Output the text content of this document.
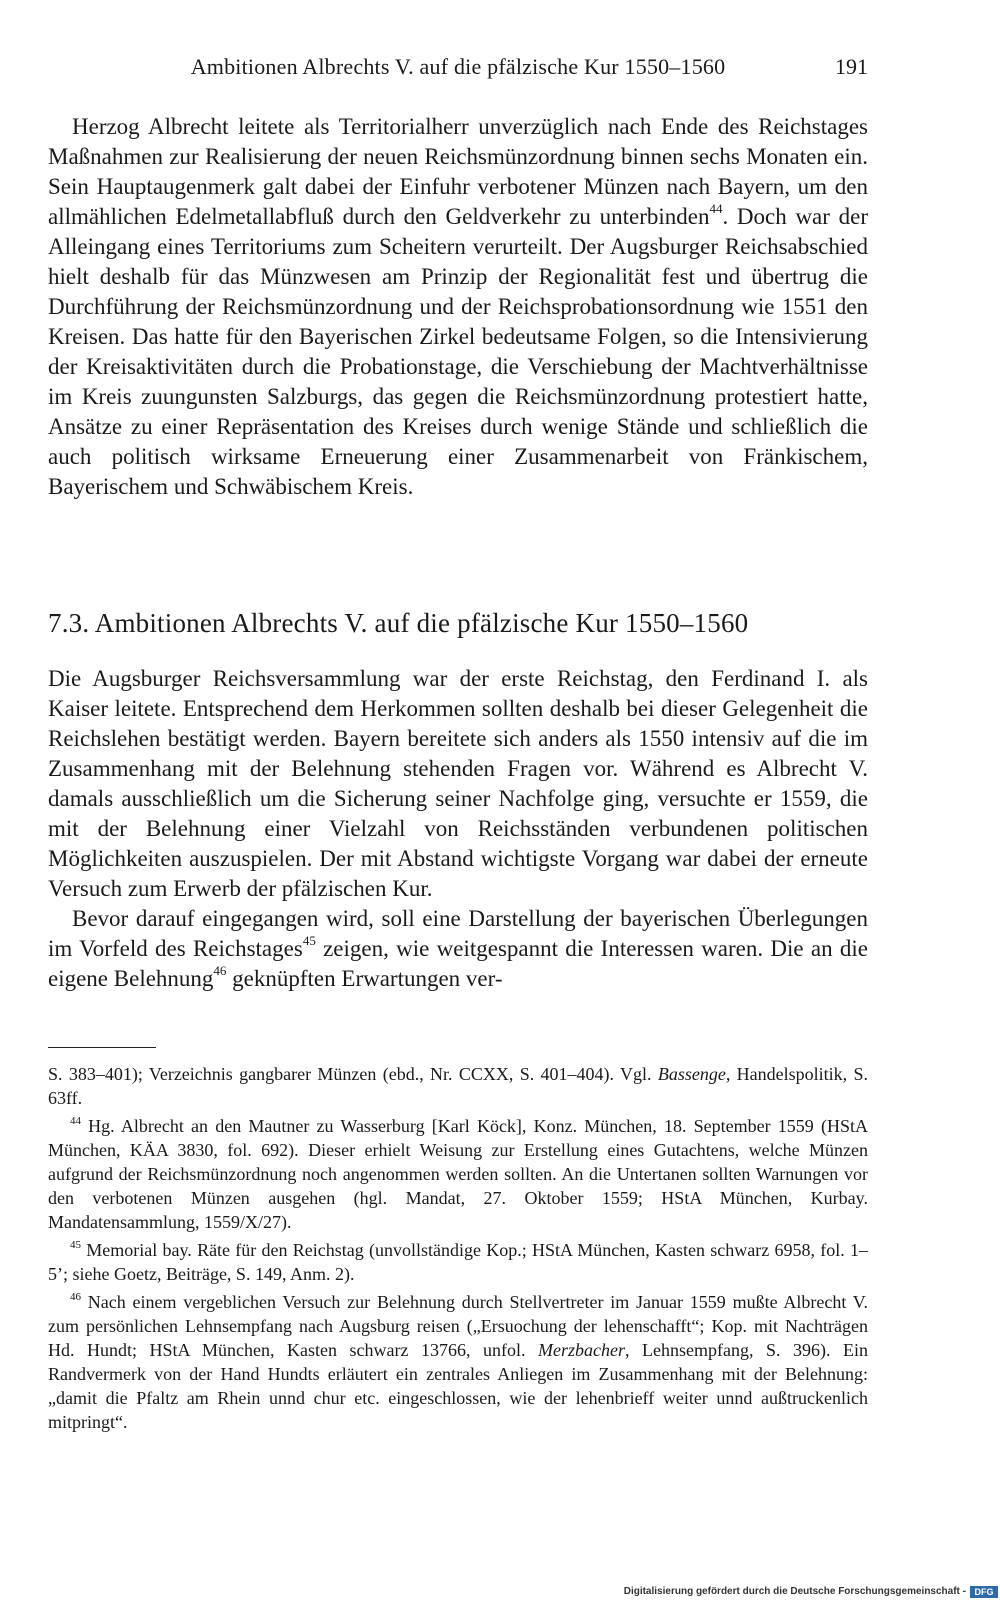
Ambitionen Albrechts V. auf die pfälzische Kur 1550–1560	191

Herzog Albrecht leitete als Territorialherr unverzüglich nach Ende des Reichstages Maßnahmen zur Realisierung der neuen Reichsmünzordnung binnen sechs Monaten ein. Sein Hauptaugenmerk galt dabei der Einfuhr verbotener Münzen nach Bayern, um den allmählichen Edelmetallabfluß durch den Geldverkehr zu unterbinden$^{44}$. Doch war der Alleingang eines Territoriums zum Scheitern verurteilt. Der Augsburger Reichsabschied hielt deshalb für das Münzwesen am Prinzip der Regionalität fest und übertrug die Durchführung der Reichsmünzordnung und der Reichsprobationsordnung wie 1551 den Kreisen. Das hatte für den Bayerischen Zirkel bedeutsame Folgen, so die Intensivierung der Kreisaktivitäten durch die Probationstage, die Verschiebung der Machtverhältnisse im Kreis zuungunsten Salzburgs, das gegen die Reichsmünzordnung protestiert hatte, Ansätze zu einer Repräsentation des Kreises durch wenige Stände und schließlich die auch politisch wirksame Erneuerung einer Zusammenarbeit von Fränkischem, Bayerischem und Schwäbischem Kreis.

7.3. Ambitionen Albrechts V. auf die pfälzische Kur 1550–1560

Die Augsburger Reichsversammlung war der erste Reichstag, den Ferdinand I. als Kaiser leitete. Entsprechend dem Herkommen sollten deshalb bei dieser Gelegenheit die Reichslehen bestätigt werden. Bayern bereitete sich anders als 1550 intensiv auf die im Zusammenhang mit der Belehnung stehenden Fragen vor. Während es Albrecht V. damals ausschließlich um die Sicherung seiner Nachfolge ging, versuchte er 1559, die mit der Belehnung einer Vielzahl von Reichsständen verbundenen politischen Möglichkeiten auszuspielen. Der mit Abstand wichtigste Vorgang war dabei der erneute Versuch zum Erwerb der pfälzischen Kur.

Bevor darauf eingegangen wird, soll eine Darstellung der bayerischen Überlegungen im Vorfeld des Reichstages$^{45}$ zeigen, wie weitgespannt die Interessen waren. Die an die eigene Belehnung$^{46}$ geknüpften Erwartungen ver-

S. 383–401); Verzeichnis gangbarer Münzen (ebd., Nr. CCXX, S. 401–404). Vgl. Bassenge, Handelspolitik, S. 63ff.

$^{44}$ Hg. Albrecht an den Mautner zu Wasserburg [Karl Köck], Konz. München, 18. September 1559 (HStA München, KÄA 3830, fol. 692). Dieser erhielt Weisung zur Erstellung eines Gutachtens, welche Münzen aufgrund der Reichsmünzordnung noch angenommen werden sollten. An die Untertanen sollten Warnungen vor den verbotenen Münzen ausgehen (hgl. Mandat, 27. Oktober 1559; HStA München, Kurbay. Mandatensammlung, 1559/X/27).

$^{45}$ Memorial bay. Räte für den Reichstag (unvollständige Kop.; HStA München, Kasten schwarz 6958, fol. 1–5’; siehe Goetz, Beiträge, S. 149, Anm. 2).

$^{46}$ Nach einem vergeblichen Versuch zur Belehnung durch Stellvertreter im Januar 1559 mußte Albrecht V. zum persönlichen Lehnsempfang nach Augsburg reisen („Ersuochung der lehenschafft“; Kop. mit Nachträgen Hd. Hundt; HStA München, Kasten schwarz 13766, unfol. Merzbacher, Lehnsempfang, S. 396). Ein Randvermerk von der Hand Hundts erläutert ein zentrales Anliegen im Zusammenhang mit der Belehnung: „damit die Pfaltz am Rhein unnd chur etc. eingeschlossen, wie der lehenbrieff weiter unnd außtruckenlich mitpringt“.

Digitalisierung gefördert durch die Deutsche Forschungsgemeinschaft - DFG
